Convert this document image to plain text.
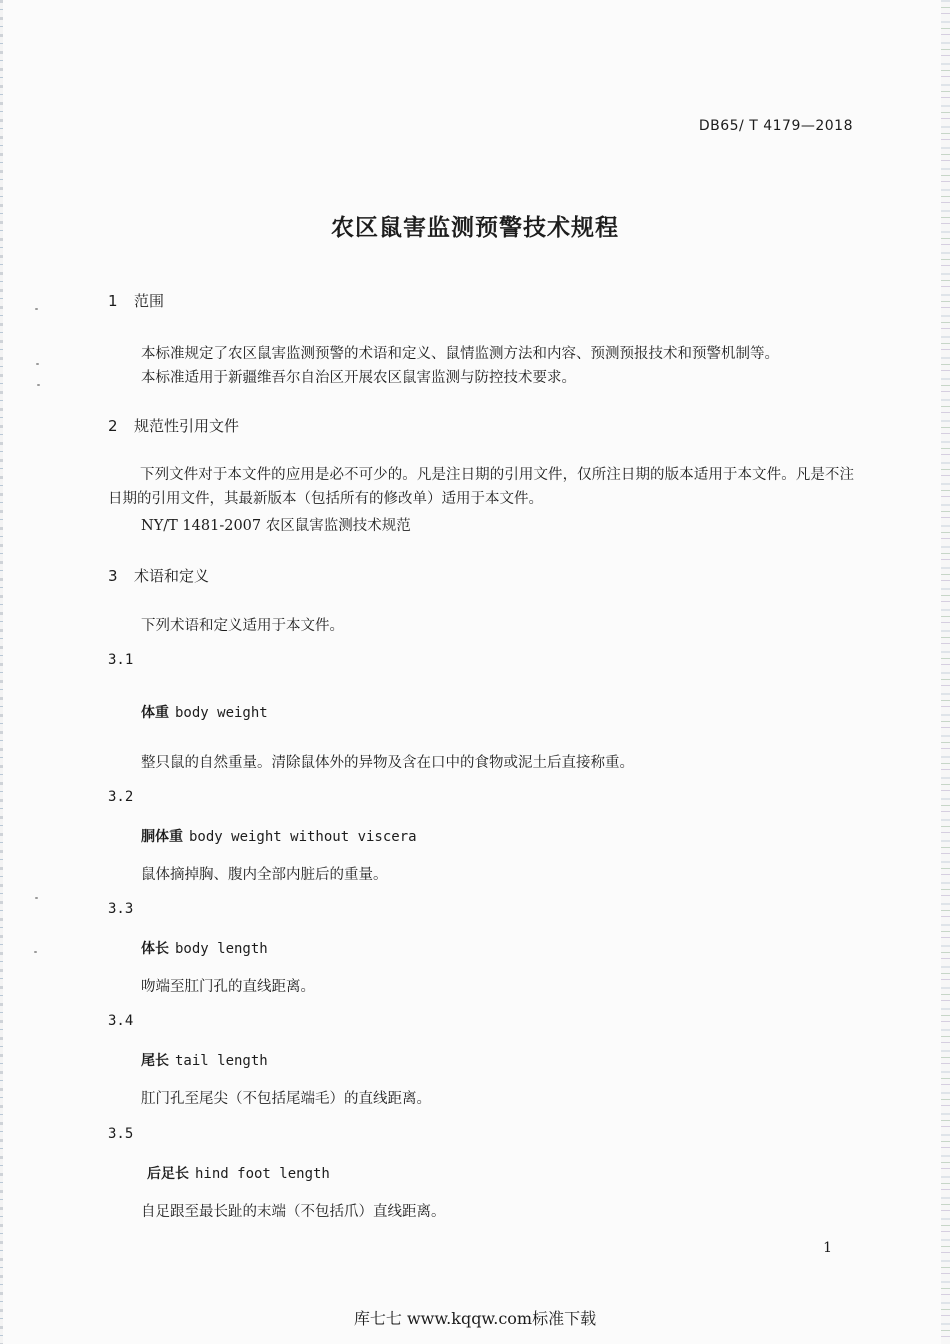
DB65/ T 4179—2018
农区鼠害监测预警技术规程
1 范围
本标准规定了农区鼠害监测预警的术语和定义、鼠情监测方法和内容、预测预报技术和预警机制等。
本标准适用于新疆维吾尔自治区开展农区鼠害监测与防控技术要求。
2 规范性引用文件
下列文件对于本文件的应用是必不可少的。凡是注日期的引用文件，仅所注日期的版本适用于本文件。凡是不注日期的引用文件，其最新版本（包括所有的修改单）适用于本文件。
NY/T 1481-2007 农区鼠害监测技术规范
3 术语和定义
下列术语和定义适用于本文件。
3.1
体重 body weight
整只鼠的自然重量。清除鼠体外的异物及含在口中的食物或泥土后直接称重。
3.2
胴体重 body weight without viscera
鼠体摘掉胸、腹内全部内脏后的重量。
3.3
体长 body length
吻端至肛门孔的直线距离。
3.4
尾长 tail length
肛门孔至尾尖（不包括尾端毛）的直线距离。
3.5
后足长 hind foot length
自足跟至最长趾的末端（不包括爪）直线距离。
1
库七七 www.kqqw.com标准下载
